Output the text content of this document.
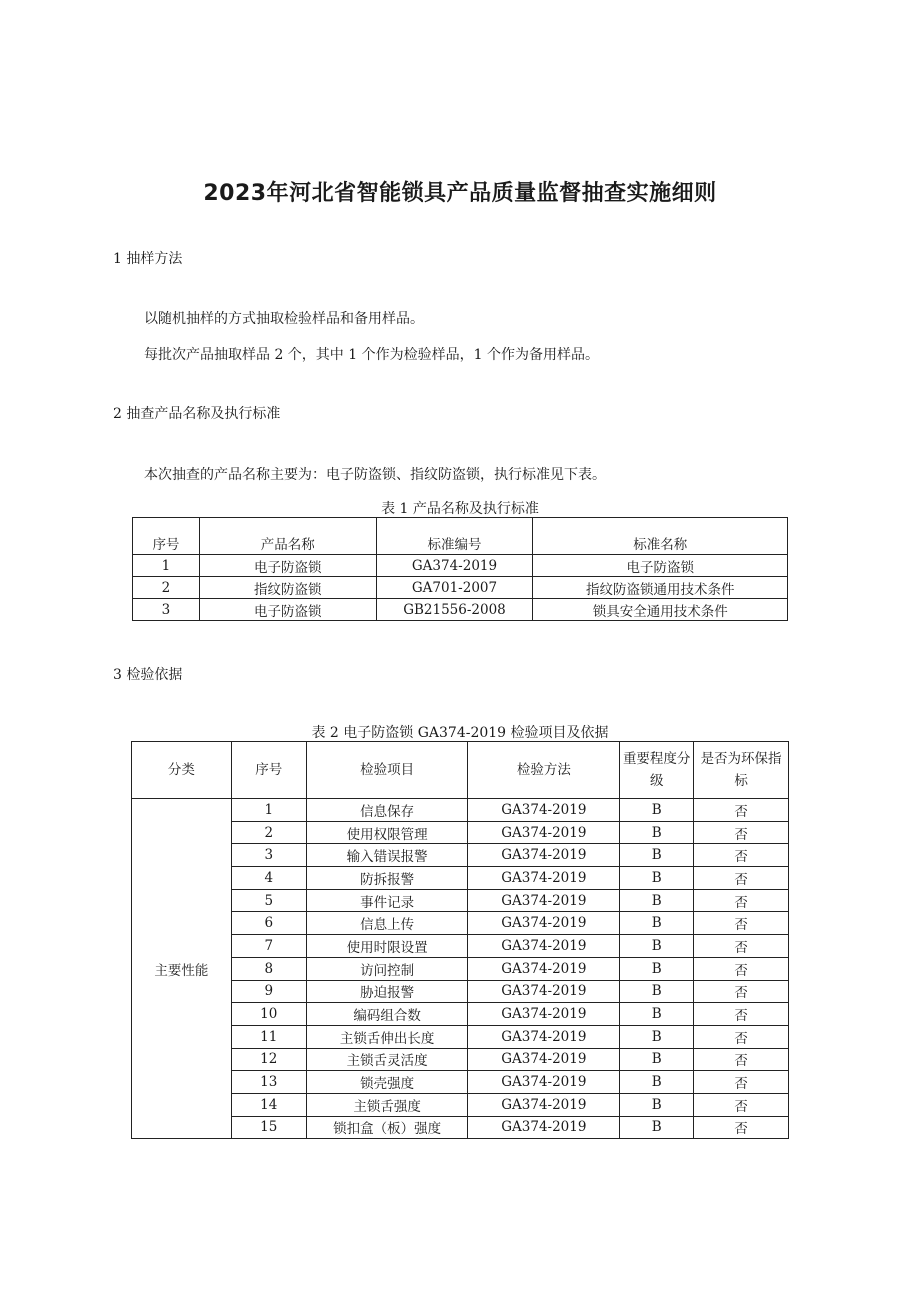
2023年河北省智能锁具产品质量监督抽查实施细则
1 抽样方法
以随机抽样的方式抽取检验样品和备用样品。
每批次产品抽取样品 2 个，其中 1 个作为检验样品，1 个作为备用样品。
2 抽查产品名称及执行标准
本次抽查的产品名称主要为：电子防盗锁、指纹防盗锁，执行标准见下表。
表 1 产品名称及执行标准
序号	产品名称	标准编号	标准名称
1	电子防盗锁	GA374-2019	电子防盗锁
2	指纹防盗锁	GA701-2007	指纹防盗锁通用技术条件
3	电子防盗锁	GB21556-2008	锁具安全通用技术条件
3 检验依据
表 2 电子防盗锁 GA374-2019 检验项目及依据
分类	序号	检验项目	检验方法	重要程度分级	是否为环保指标
主要性能	1	信息保存	GA374-2019	B	否
	2	使用权限管理	GA374-2019	B	否
	3	输入错误报警	GA374-2019	B	否
	4	防拆报警	GA374-2019	B	否
	5	事件记录	GA374-2019	B	否
	6	信息上传	GA374-2019	B	否
	7	使用时限设置	GA374-2019	B	否
	8	访问控制	GA374-2019	B	否
	9	胁迫报警	GA374-2019	B	否
	10	编码组合数	GA374-2019	B	否
	11	主锁舌伸出长度	GA374-2019	B	否
	12	主锁舌灵活度	GA374-2019	B	否
	13	锁壳强度	GA374-2019	B	否
	14	主锁舌强度	GA374-2019	B	否
	15	锁扣盒（板）强度	GA374-2019	B	否
